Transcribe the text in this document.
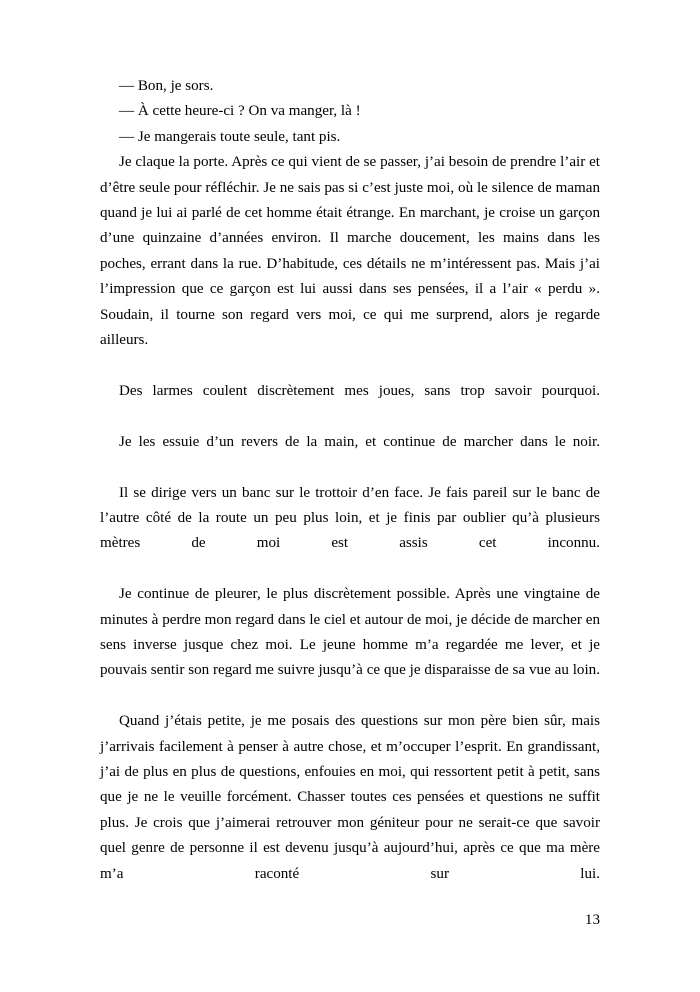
— Bon, je sors.

— À cette heure-ci ? On va manger, là !

— Je mangerais toute seule, tant pis.

Je claque la porte. Après ce qui vient de se passer, j’ai besoin de prendre l’air et d’être seule pour réfléchir. Je ne sais pas si c’est juste moi, où le silence de maman quand je lui ai parlé de cet homme était étrange. En marchant, je croise un garçon d’une quinzaine d’années environ. Il marche doucement, les mains dans les poches, errant dans la rue. D’habitude, ces détails ne m’intéressent pas. Mais j’ai l’impression que ce garçon est lui aussi dans ses pensées, il a l’air « perdu ». Soudain, il tourne son regard vers moi, ce qui me surprend, alors je regarde ailleurs.

Des larmes coulent discrètement mes joues, sans trop savoir pourquoi.

Je les essuie d’un revers de la main, et continue de marcher dans le noir.

Il se dirige vers un banc sur le trottoir d’en face. Je fais pareil sur le banc de l’autre côté de la route un peu plus loin, et je finis par oublier qu’à plusieurs mètres de moi est assis cet inconnu.

Je continue de pleurer, le plus discrètement possible. Après une vingtaine de minutes à perdre mon regard dans le ciel et autour de moi, je décide de marcher en sens inverse jusque chez moi. Le jeune homme m’a regardée me lever, et je pouvais sentir son regard me suivre jusqu’à ce que je disparaisse de sa vue au loin.

Quand j’étais petite, je me posais des questions sur mon père bien sûr, mais j’arrivais facilement à penser à autre chose, et m’occuper l’esprit. En grandissant, j’ai de plus en plus de questions, enfouies en moi, qui ressortent petit à petit, sans que je ne le veuille forcément. Chasser toutes ces pensées et questions ne suffit plus. Je crois que j’aimerai retrouver mon géniteur pour ne serait-ce que savoir quel genre de personne il est devenu jusqu’à aujourd’hui, après ce que ma mère m’a raconté sur lui.

13
